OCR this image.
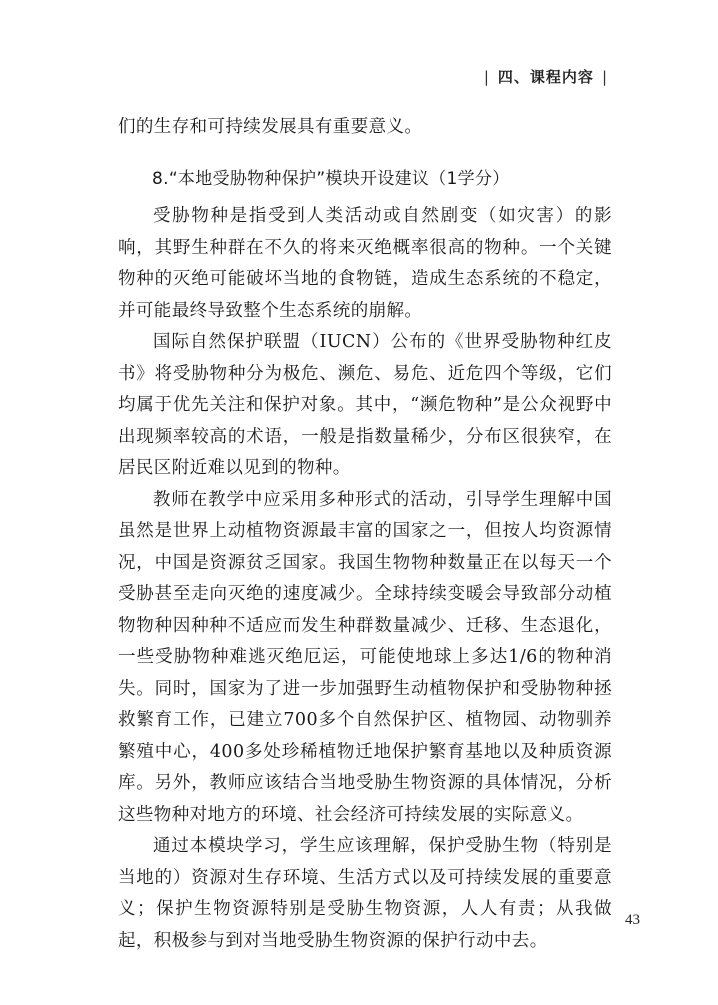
| 四、课程内容 |

们的生存和可持续发展具有重要意义。

8.“本地受胁物种保护”模块开设建议（1学分）

受胁物种是指受到人类活动或自然剧变（如灾害）的影响，其野生种群在不久的将来灭绝概率很高的物种。一个关键物种的灭绝可能破坏当地的食物链，造成生态系统的不稳定，并可能最终导致整个生态系统的崩解。

国际自然保护联盟（IUCN）公布的《世界受胁物种红皮书》将受胁物种分为极危、濒危、易危、近危四个等级，它们均属于优先关注和保护对象。其中，“濒危物种”是公众视野中出现频率较高的术语，一般是指数量稀少，分布区很狭窄，在居民区附近难以见到的物种。

教师在教学中应采用多种形式的活动，引导学生理解中国虽然是世界上动植物资源最丰富的国家之一，但按人均资源情况，中国是资源贫乏国家。我国生物物种数量正在以每天一个受胁甚至走向灭绝的速度减少。全球持续变暖会导致部分动植物物种因种种不适应而发生种群数量减少、迁移、生态退化，一些受胁物种难逃灭绝厄运，可能使地球上多达1/6的物种消失。同时，国家为了进一步加强野生动植物保护和受胁物种拯救繁育工作，已建立700多个自然保护区、植物园、动物驯养繁殖中心，400多处珍稀植物迁地保护繁育基地以及种质资源库。另外，教师应该结合当地受胁生物资源的具体情况，分析这些物种对地方的环境、社会经济可持续发展的实际意义。

通过本模块学习，学生应该理解，保护受胁生物（特别是当地的）资源对生存环境、生活方式以及可持续发展的重要意义；保护生物资源特别是受胁生物资源，人人有责；从我做起，积极参与到对当地受胁生物资源的保护行动中去。

43
